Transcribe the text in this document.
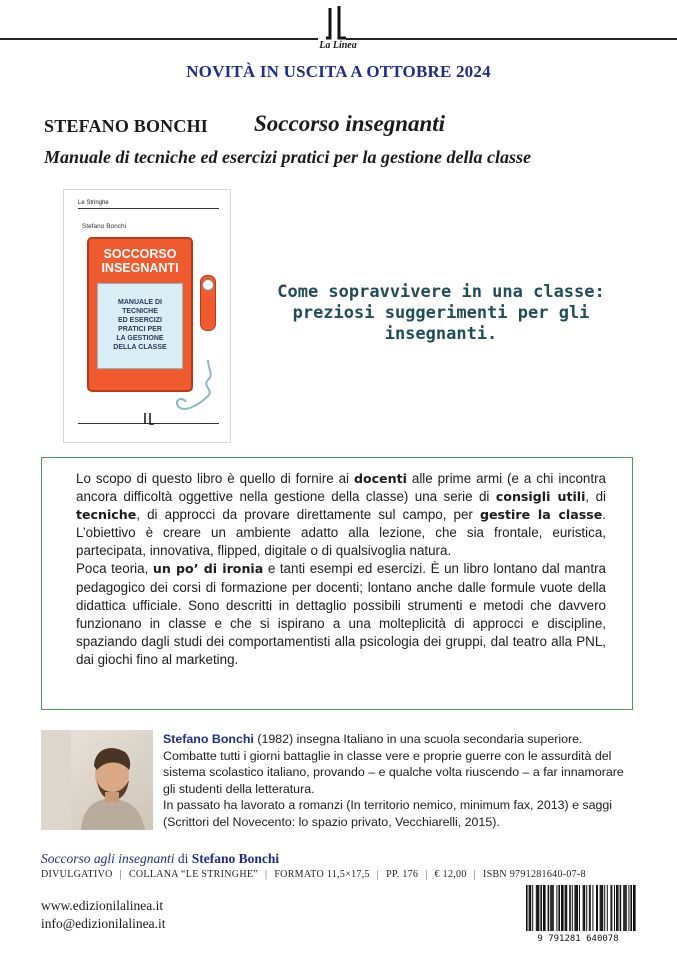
La Linea
NOVITÀ IN USCITA A OTTOBRE 2024
STEFANO BONCHI Soccorso insegnanti
Manuale di tecniche ed esercizi pratici per la gestione della classe
Le Stringhe
Stefano Bonchi
SOCCORSO
INSEGNANTI
MANUALE DI
TECNICHE
ED ESERCIZI
PRATICI PER
LA GESTIONE
DELLA CLASSE
Come sopravvivere in una classe:
preziosi suggerimenti per gli
insegnanti.

Lo scopo di questo libro è quello di fornire ai docenti alle prime armi (e a chi incontra ancora difficoltà oggettive nella gestione della classe) una serie di consigli utili, di tecniche, di approcci da provare direttamente sul campo, per gestire la classe. L’obiettivo è creare un ambiente adatto alla lezione, che sia frontale, euristica, partecipata, innovativa, flipped, digitale o di qualsivoglia natura.

Poca teoria, un po’ di ironia e tanti esempi ed esercizi. È un libro lontano dal mantra pedagogico dei corsi di formazione per docenti; lontano anche dalle formule vuote della didattica ufficiale. Sono descritti in dettaglio possibili strumenti e metodi che davvero funzionano in classe e che si ispirano a una molteplicità di approcci e discipline, spaziando dagli studi dei comportamentisti alla psicologia dei gruppi, dal teatro alla PNL, dai giochi fino al marketing.

Stefano Bonchi (1982) insegna Italiano in una scuola secondaria superiore. Combatte tutti i giorni battaglie in classe vere e proprie guerre con le assurdità del sistema scolastico italiano, provando – e qualche volta riuscendo – a far innamorare gli studenti della letteratura.

In passato ha lavorato a romanzi (In territorio nemico, minimum fax, 2013) e saggi (Scrittori del Novecento: lo spazio privato, Vecchiarelli, 2015).

Soccorso agli insegnanti di Stefano Bonchi
DIVULGATIVO | COLLANA “LE STRINGHE” | FORMATO 11,5×17,5 | PP. 176 | € 12,00 | ISBN 9791281640-07-8
www.edizionilalinea.it
info@edizionilalinea.it
9 791281 640078
